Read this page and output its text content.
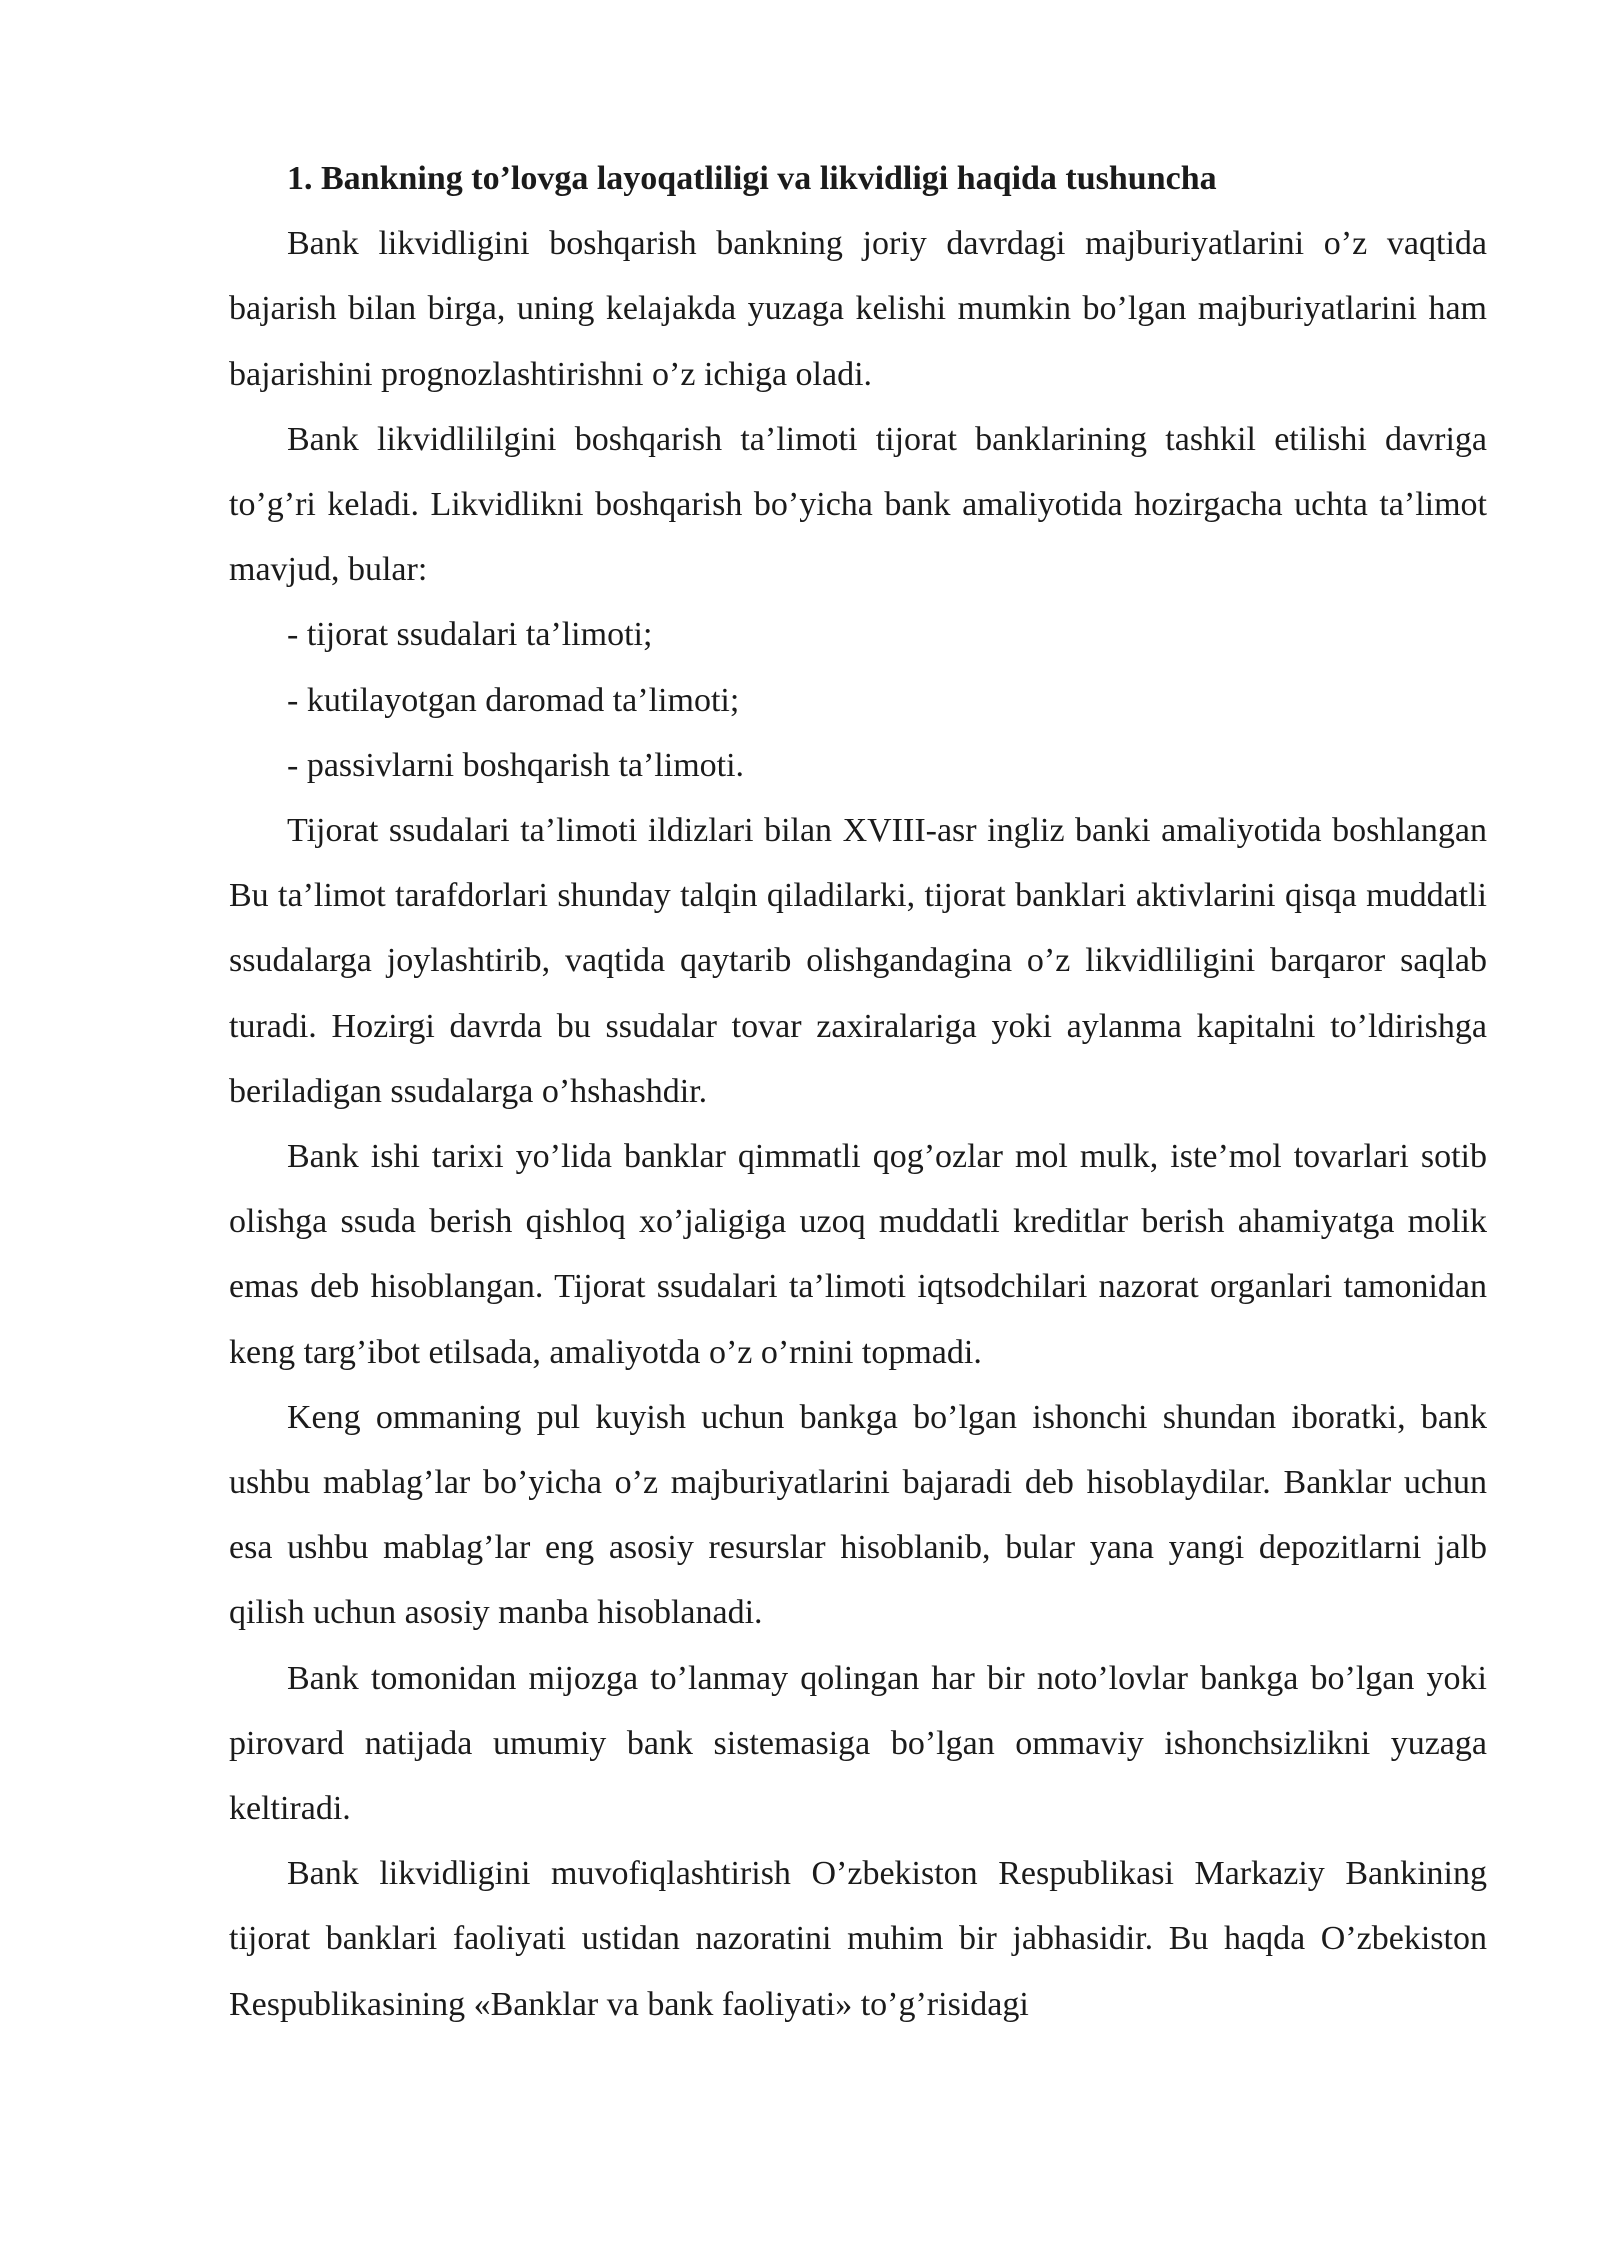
1. Bankning to’lovga layoqatliligi va likvidligi haqida tushuncha

Bank likvidligini boshqarish bankning joriy davrdagi majburiyatlarini o’z vaqtida bajarish bilan birga, uning kelajakda yuzaga kelishi mumkin bo’lgan majburiyatlarini ham bajarishini prognozlashtirishni o’z ichiga oladi.

Bank likvidlililgini boshqarish ta’limoti tijorat banklarining tashkil etilishi davriga to’g’ri keladi. Likvidlikni boshqarish bo’yicha bank amaliyotida hozirgacha uchta ta’limot mavjud, bular:

- tijorat ssudalari ta’limoti;

- kutilayotgan daromad ta’limoti;

- passivlarni boshqarish ta’limoti.

Tijorat ssudalari ta’limoti ildizlari bilan XVIII-asr ingliz banki amaliyotida boshlangan Bu ta’limot tarafdorlari shunday talqin qiladilarki, tijorat banklari aktivlarini qisqa muddatli ssudalarga joylashtirib, vaqtida qaytarib olishgandagina o’z likvidliligini barqaror saqlab turadi. Hozirgi davrda bu ssudalar tovar zaxiralariga yoki aylanma kapitalni to’ldirishga beriladigan ssudalarga o’hshashdir.

Bank ishi tarixi yo’lida banklar qimmatli qog’ozlar mol mulk, iste’mol tovarlari sotib olishga ssuda berish qishloq xo’jaligiga uzoq muddatli kreditlar berish ahamiyatga molik emas deb hisoblangan. Tijorat ssudalari ta’limoti iqtsodchilari nazorat organlari tamonidan keng targ’ibot etilsada, amaliyotda o’z o’rnini topmadi.

Keng ommaning pul kuyish uchun bankga bo’lgan ishonchi shundan iboratki, bank ushbu mablag’lar bo’yicha o’z majburiyatlarini bajaradi deb hisoblaydilar. Banklar uchun esa ushbu mablag’lar eng asosiy resurslar hisoblanib, bular yana yangi depozitlarni jalb qilish uchun asosiy manba hisoblanadi.

Bank tomonidan mijozga to’lanmay qolingan har bir noto’lovlar bankga bo’lgan yoki pirovard natijada umumiy bank sistemasiga bo’lgan ommaviy ishonchsizlikni yuzaga keltiradi.

Bank likvidligini muvofiqlashtirish O’zbekiston Respublikasi Markaziy Bankining tijorat banklari faoliyati ustidan nazoratini muhim bir jabhasidir. Bu haqda O’zbekiston Respublikasining «Banklar va bank faoliyati» to’g’risidagi
